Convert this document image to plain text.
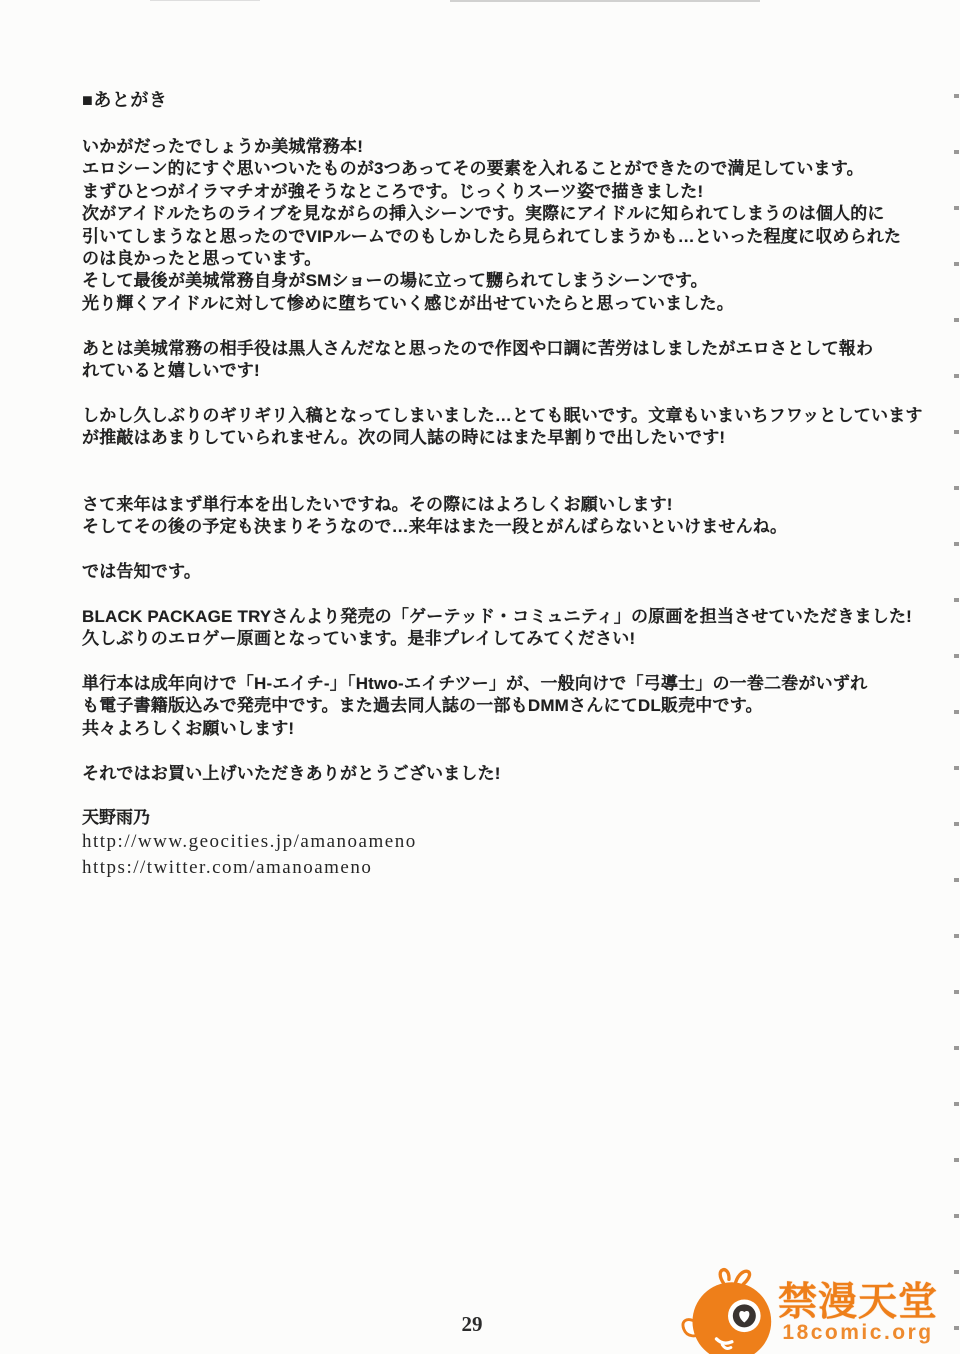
■あとがき
いかがだったでしょうか美城常務本!
エロシーン的にすぐ思いついたものが3つあってその要素を入れることができたので満足しています。
まずひとつがイラマチオが強そうなところです。じっくりスーツ姿で描きました!
次がアイドルたちのライブを見ながらの挿入シーンです。実際にアイドルに知られてしまうのは個人的に
引いてしまうなと思ったのでVIPルームでのもしかしたら見られてしまうかも…といった程度に収められた
のは良かったと思っています。
そして最後が美城常務自身がSMショーの場に立って嬲られてしまうシーンです。
光り輝くアイドルに対して惨めに堕ちていく感じが出せていたらと思っていました。
あとは美城常務の相手役は黒人さんだなと思ったので作図や口調に苦労はしましたがエロさとして報わ
れていると嬉しいです!
しかし久しぶりのギリギリ入稿となってしまいました…とても眠いです。文章もいまいちフワッとしています
が推敲はあまりしていられません。次の同人誌の時にはまた早割りで出したいです!
さて来年はまず単行本を出したいですね。その際にはよろしくお願いします!
そしてその後の予定も決まりそうなので…来年はまた一段とがんばらないといけませんね。
では告知です。
BLACK PACKAGE TRYさんより発売の「ゲーテッド・コミュニティ」の原画を担当させていただきました!
久しぶりのエロゲー原画となっています。是非プレイしてみてください!
単行本は成年向けで「H-エイチ-」「Htwo-エイチツー」が、一般向けで「弓導士」の一巻二巻がいずれ
も電子書籍版込みで発売中です。また過去同人誌の一部もDMMさんにてDL販売中です。
共々よろしくお願いします!
それではお買い上げいただきありがとうございました!
天野雨乃
http://www.geocities.jp/amanoameno
https://twitter.com/amanoameno
29	禁漫天堂
18comic.org
